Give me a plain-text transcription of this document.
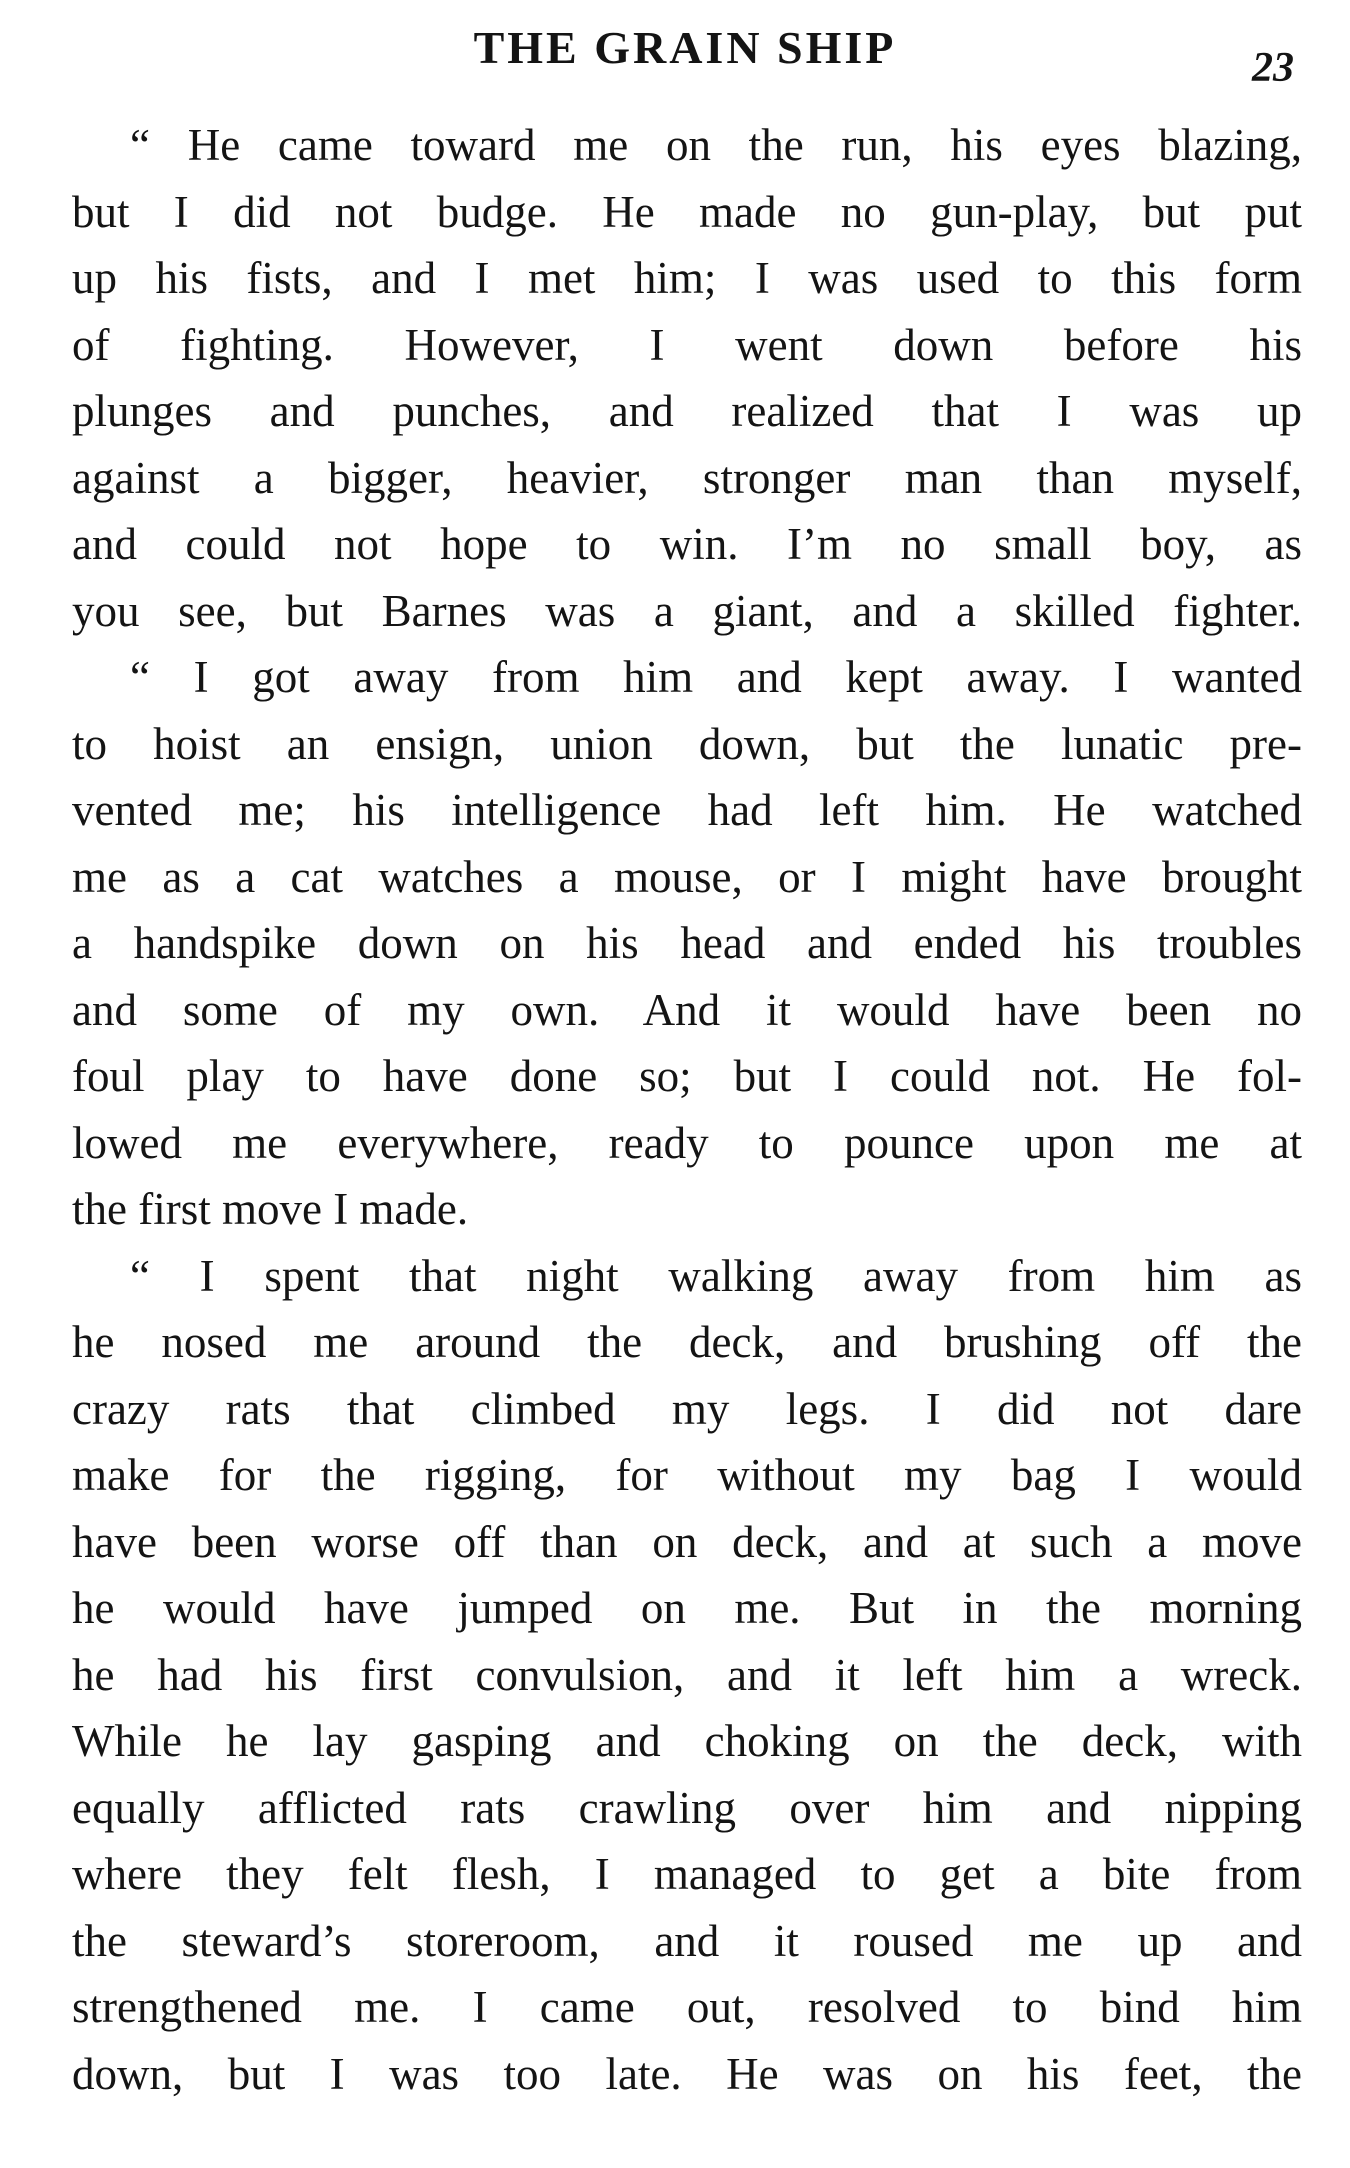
THE GRAIN SHIP	23

“ He came toward me on the run, his eyes blazing,
but I did not budge. He made no gun-play, but put
up his fists, and I met him; I was used to this form
of fighting. However, I went down before his
plunges and punches, and realized that I was up
against a bigger, heavier, stronger man than myself,
and could not hope to win. I’m no small boy, as
you see, but Barnes was a giant, and a skilled fighter.

“ I got away from him and kept away. I wanted
to hoist an ensign, union down, but the lunatic pre-
vented me; his intelligence had left him. He watched
me as a cat watches a mouse, or I might have brought
a handspike down on his head and ended his troubles
and some of my own. And it would have been no
foul play to have done so; but I could not. He fol-
lowed me everywhere, ready to pounce upon me at
the first move I made.

“ I spent that night walking away from him as
he nosed me around the deck, and brushing off the
crazy rats that climbed my legs. I did not dare
make for the rigging, for without my bag I would
have been worse off than on deck, and at such a move
he would have jumped on me. But in the morning
he had his first convulsion, and it left him a wreck.
While he lay gasping and choking on the deck, with
equally afflicted rats crawling over him and nipping
where they felt flesh, I managed to get a bite from
the steward’s storeroom, and it roused me up and
strengthened me. I came out, resolved to bind him
down, but I was too late. He was on his feet, the
